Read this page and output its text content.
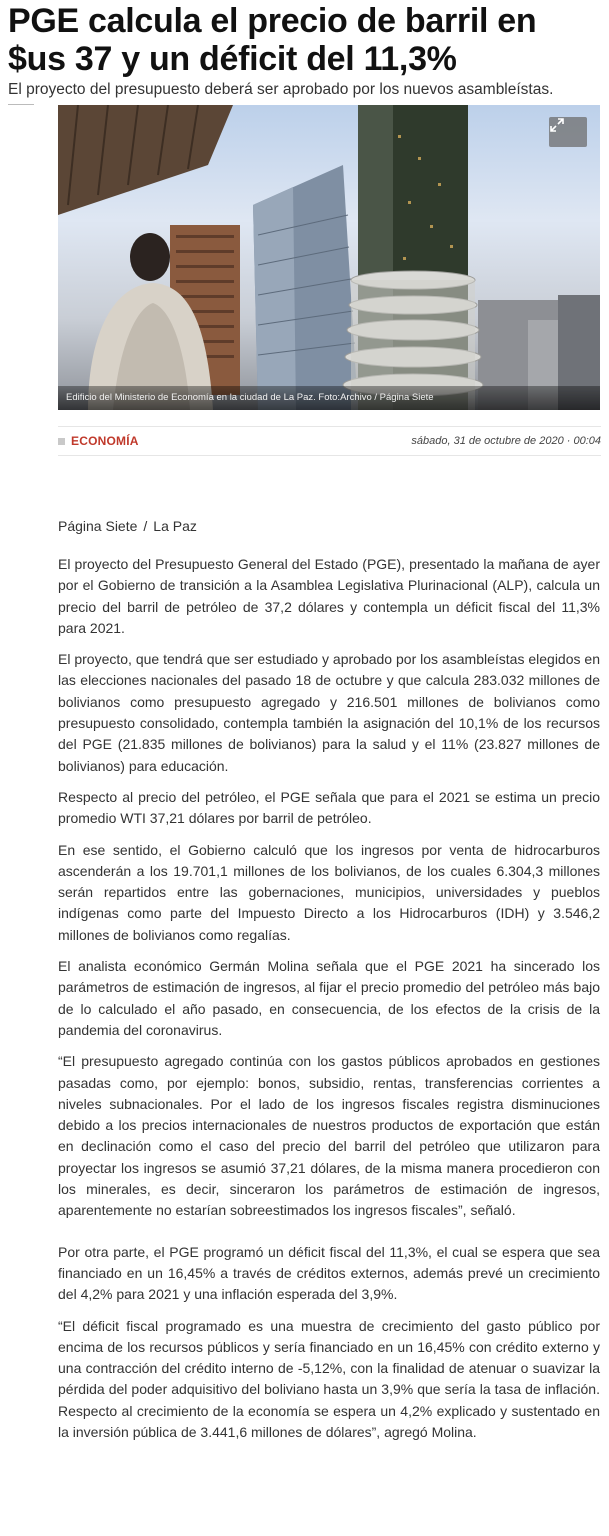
PGE calcula el precio de barril en $us 37 y un déficit del 11,3%

El proyecto del presupuesto deberá ser aprobado por los nuevos asambleístas.

Edificio del Ministerio de Economía en la ciudad de La Paz. Foto:Archivo / Página Siete
ECONOMÍA	sábado, 31 de octubre de 2020 · 00:04
Página Siete / La Paz

El proyecto del Presupuesto General del Estado (PGE), presentado la mañana de ayer por el Gobierno de transición a la Asamblea Legislativa Plurinacional (ALP), calcula un precio del barril de petróleo de 37,2 dólares y contempla un déficit fiscal del 11,3% para 2021.

El proyecto, que tendrá que ser estudiado y aprobado por los asambleístas elegidos en las elecciones nacionales del pasado 18 de octubre y que calcula 283.032 millones de bolivianos como presupuesto agregado y 216.501 millones de bolivianos como presupuesto consolidado, contempla también la asignación del 10,1% de los recursos del PGE (21.835 millones de bolivianos) para la salud y el 11% (23.827 millones de bolivianos) para educación.

Respecto al precio del petróleo, el PGE señala que para el 2021 se estima un precio promedio WTI 37,21 dólares por barril de petróleo.

En ese sentido, el Gobierno calculó que los ingresos por venta de hidrocarburos ascenderán a los 19.701,1 millones de los bolivianos, de los cuales 6.304,3 millones serán repartidos entre las gobernaciones, municipios, universidades y pueblos indígenas como parte del Impuesto Directo a los Hidrocarburos (IDH) y 3.546,2 millones de bolivianos como regalías.

El analista económico Germán Molina señala que el PGE 2021 ha sincerado los parámetros de estimación de ingresos, al fijar el precio promedio del petróleo más bajo de lo calculado el año pasado, en consecuencia, de los efectos de la crisis de la pandemia del coronavirus.

“El presupuesto agregado continúa con los gastos públicos aprobados en gestiones pasadas como, por ejemplo: bonos, subsidio, rentas, transferencias corrientes a niveles subnacionales. Por el lado de los ingresos fiscales registra disminuciones debido a los precios internacionales de nuestros productos de exportación que están en declinación como el caso del precio del barril del petróleo que utilizaron para proyectar los ingresos se asumió 37,21 dólares, de la misma manera procedieron con los minerales, es decir, sinceraron los parámetros de estimación de ingresos, aparentemente no estarían sobreestimados los ingresos fiscales”, señaló.

Por otra parte, el PGE programó un déficit fiscal del 11,3%, el cual se espera que sea financiado en un 16,45% a través de créditos externos, además prevé un crecimiento del 4,2% para 2021 y una inflación esperada del 3,9%.

“El déficit fiscal programado es una muestra de crecimiento del gasto público por encima de los recursos públicos y sería financiado en un 16,45% con crédito externo y una contracción del crédito interno de -5,12%, con la finalidad de atenuar o suavizar la pérdida del poder adquisitivo del boliviano hasta un 3,9% que sería la tasa de inflación. Respecto al crecimiento de la economía se espera un 4,2% explicado y sustentado en la inversión pública de 3.441,6 millones de dólares”, agregó Molina.
